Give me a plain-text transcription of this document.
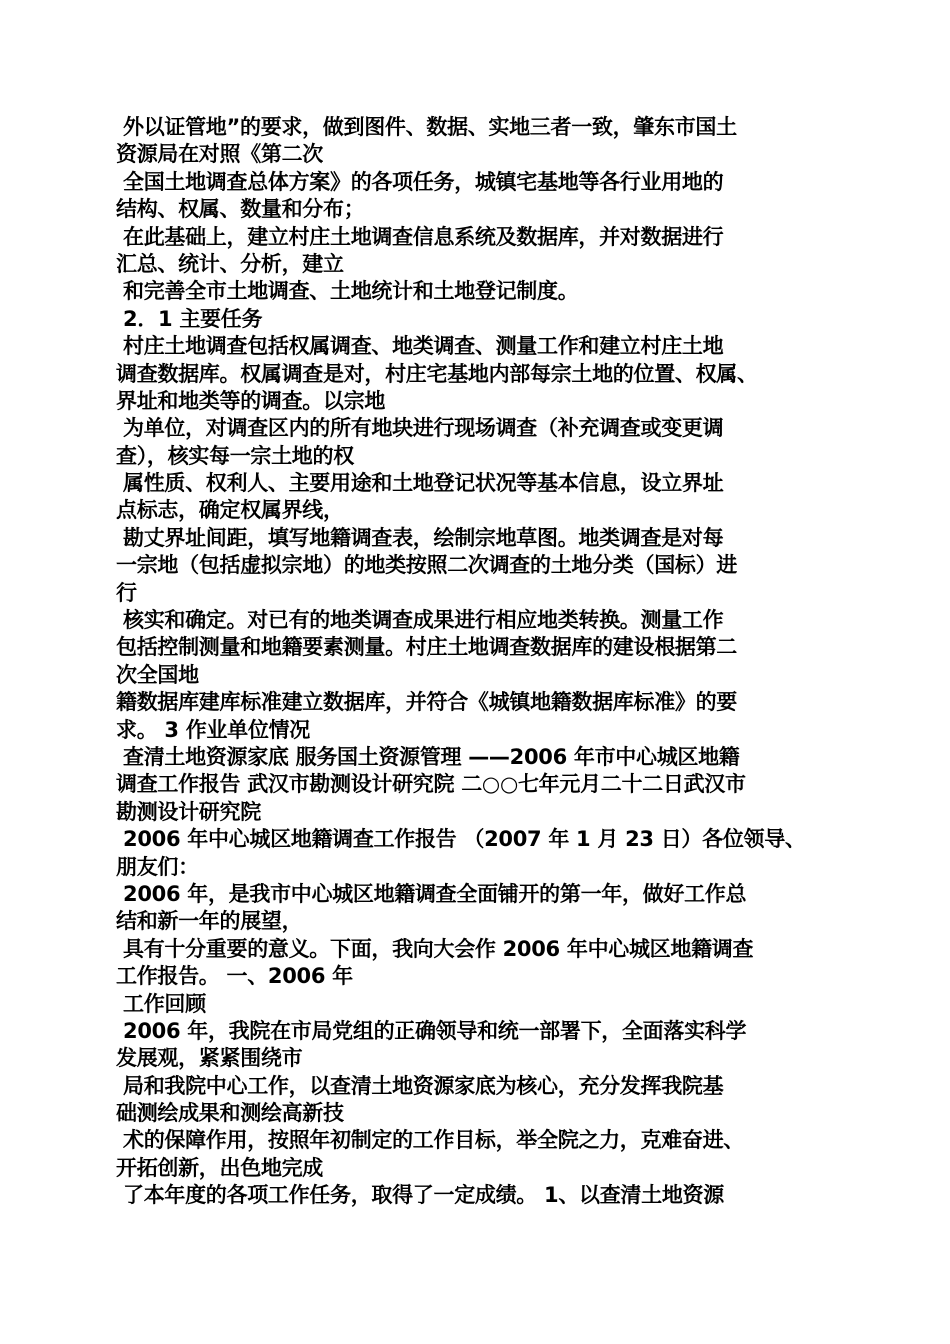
外以证管地”的要求，做到图件、数据、实地三者一致，肇东市国土
资源局在对照《第二次
全国土地调查总体方案》的各项任务，城镇宅基地等各行业用地的
结构、权属、数量和分布；
在此基础上，建立村庄土地调查信息系统及数据库，并对数据进行
汇总、统计、分析，建立
和完善全市土地调查、土地统计和土地登记制度。
2．1 主要任务
村庄土地调查包括权属调查、地类调查、测量工作和建立村庄土地
调查数据库。权属调查是对，村庄宅基地内部每宗土地的位置、权属、
界址和地类等的调查。以宗地
为单位，对调查区内的所有地块进行现场调查（补充调查或变更调
查），核实每一宗土地的权
属性质、权利人、主要用途和土地登记状况等基本信息，设立界址
点标志，确定权属界线，
勘丈界址间距，填写地籍调查表，绘制宗地草图。地类调查是对每
一宗地（包括虚拟宗地）的地类按照二次调查的土地分类（国标）进
行
核实和确定。对已有的地类调查成果进行相应地类转换。测量工作
包括控制测量和地籍要素测量。村庄土地调查数据库的建设根据第二
次全国地
籍数据库建库标准建立数据库，并符合《城镇地籍数据库标准》的要
求。 3 作业单位情况
查清土地资源家底 服务国土资源管理 ——2006 年市中心城区地籍
调查工作报告 武汉市勘测设计研究院 二○○七年元月二十二日武汉市
勘测设计研究院
2006 年中心城区地籍调查工作报告 （2007 年 1 月 23 日）各位领导、
朋友们：
2006 年，是我市中心城区地籍调查全面铺开的第一年，做好工作总
结和新一年的展望，
具有十分重要的意义。下面，我向大会作 2006 年中心城区地籍调查
工作报告。 一、2006 年
工作回顾
2006 年，我院在市局党组的正确领导和统一部署下，全面落实科学
发展观，紧紧围绕市
局和我院中心工作，以查清土地资源家底为核心，充分发挥我院基
础测绘成果和测绘高新技
术的保障作用，按照年初制定的工作目标，举全院之力，克难奋进、
开拓创新，出色地完成
了本年度的各项工作任务，取得了一定成绩。 1、以查清土地资源
